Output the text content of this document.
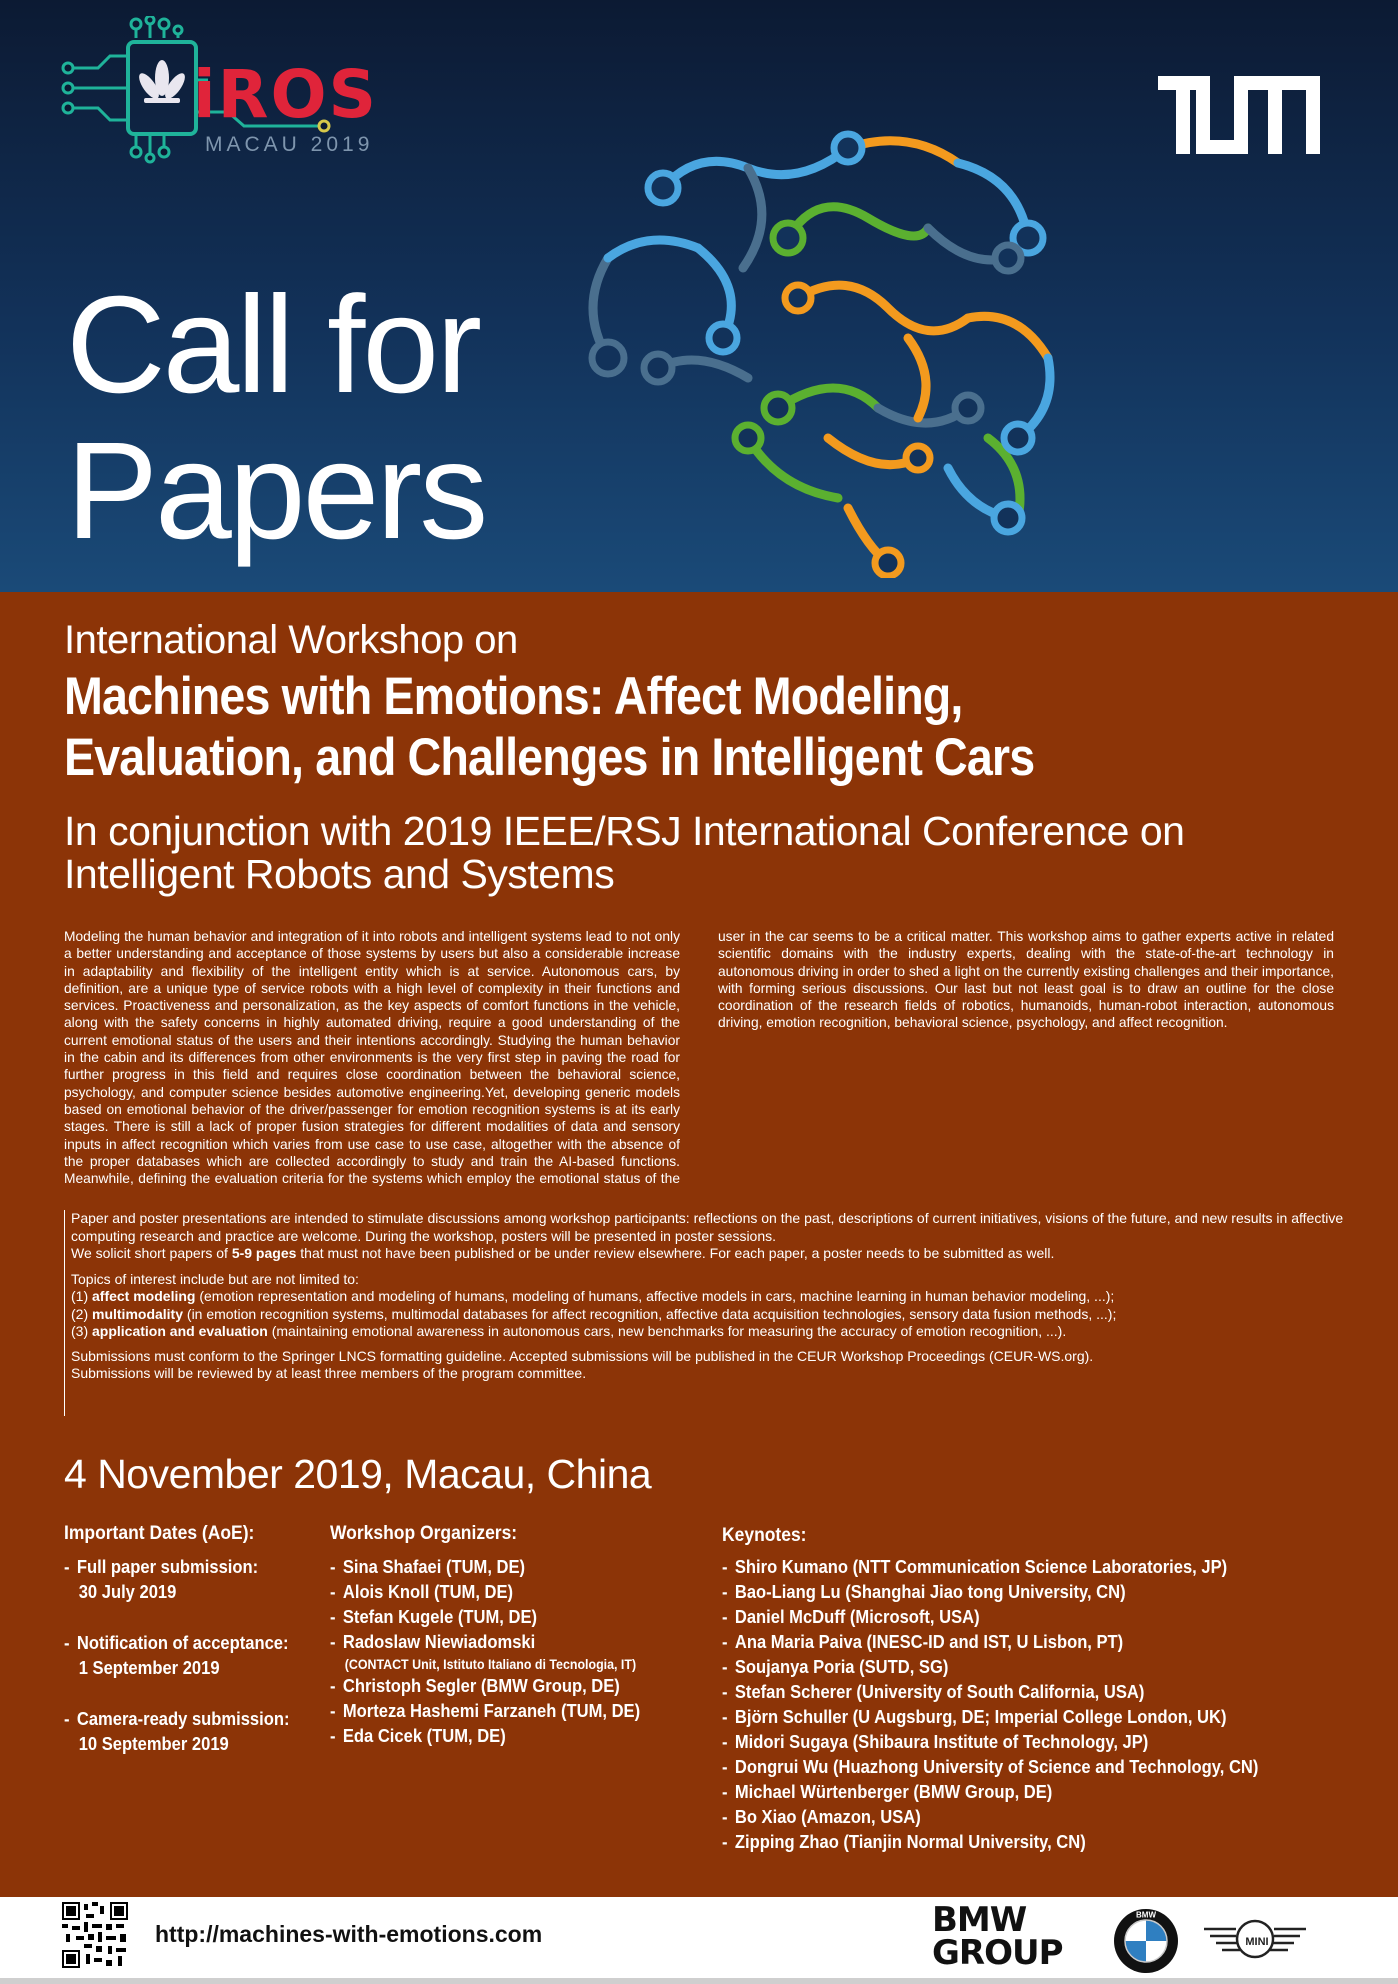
iROS
MACAU 2019
Call for
Papers
International Workshop on
Machines with Emotions: Affect Modeling,
Evaluation, and Challenges in Intelligent Cars
In conjunction with 2019 IEEE/RSJ International Conference on Intelligent Robots and Systems

Modeling the human behavior and integration of it into robots and intelligent systems lead to not only a better understanding and acceptance of those systems by users but also a considerable increase in adaptability and flexibility of the intelligent entity which is at service. Autonomous cars, by definition, are a unique type of service robots with a high level of complexity in their functions and services. Proactiveness and personalization, as the key aspects of comfort functions in the vehicle, along with the safety concerns in highly automated driving, require a good understanding of the current emotional status of the users and their intentions accordingly. Studying the human behavior in the cabin and its differences from other environments is the very first step in paving the road for further progress in this field and requires close coordination between the behavioral science, psychology, and computer science besides automotive engineering.Yet, developing generic models based on emotional behavior of the driver/passenger for emotion recognition systems is at its early stages. There is still a lack of proper fusion strategies for different modalities of data and sensory inputs in affect recognition which varies from use case to use case, altogether with the absence of the proper databases which are collected accordingly to study and train the AI-based functions. Meanwhile, defining the evaluation criteria for the systems which employ the emotional status of the user in the car seems to be a critical matter. This workshop aims to gather experts active in related scientific domains with the industry experts, dealing with the state-of-the-art technology in autonomous driving in order to shed a light on the currently existing challenges and their importance, with forming serious discussions. Our last but not least goal is to draw an outline for the close coordination of the research fields of robotics, humanoids, human-robot interaction, autonomous driving, emotion recognition, behavioral science, psychology, and affect recognition.

Paper and poster presentations are intended to stimulate discussions among workshop participants: reflections on the past, descriptions of current initiatives, visions of the future, and new results in affective computing research and practice are welcome. During the workshop, posters will be presented in poster sessions.

We solicit short papers of 5-9 pages that must not have been published or be under review elsewhere. For each paper, a poster needs to be submitted as well.

Topics of interest include but are not limited to:

(1) affect modeling (emotion representation and modeling of humans, modeling of humans, affective models in cars, machine learning in human behavior modeling, ...);

(2) multimodality (in emotion recognition systems, multimodal databases for affect recognition, affective data acquisition technologies, sensory data fusion methods, ...);

(3) application and evaluation (maintaining emotional awareness in autonomous cars, new benchmarks for measuring the accuracy of emotion recognition, ...).

Submissions must conform to the Springer LNCS formatting guideline. Accepted submissions will be published in the CEUR Workshop Proceedings (CEUR-WS.org).

Submissions will be reviewed by at least three members of the program committee.

4 November 2019, Macau, China
Important Dates (AoE):
- Full paper submission:
30 July 2019
- Notification of acceptance:
1 September 2019
- Camera-ready submission:
10 September 2019
Workshop Organizers:
- Sina Shafaei (TUM, DE)
- Alois Knoll (TUM, DE)
- Stefan Kugele (TUM, DE)
- Radoslaw Niewiadomski
(CONTACT Unit, Istituto Italiano di Tecnologia, IT)
- Christoph Segler (BMW Group, DE)
- Morteza Hashemi Farzaneh (TUM, DE)
- Eda Cicek (TUM, DE)
Keynotes:
- Shiro Kumano (NTT Communication Science Laboratories, JP)
- Bao-Liang Lu (Shanghai Jiao tong University, CN)
- Daniel McDuff (Microsoft, USA)
- Ana Maria Paiva (INESC-ID and IST, U Lisbon, PT)
- Soujanya Poria (SUTD, SG)
- Stefan Scherer (University of South California, USA)
- Björn Schuller (U Augsburg, DE; Imperial College London, UK)
- Midori Sugaya (Shibaura Institute of Technology, JP)
- Dongrui Wu (Huazhong University of Science and Technology, CN)
- Michael Würtenberger (BMW Group, DE)
- Bo Xiao (Amazon, USA)
- Zipping Zhao (Tianjin Normal University, CN)
http://machines-with-emotions.com	BMW
GROUP
BMW
MINI
